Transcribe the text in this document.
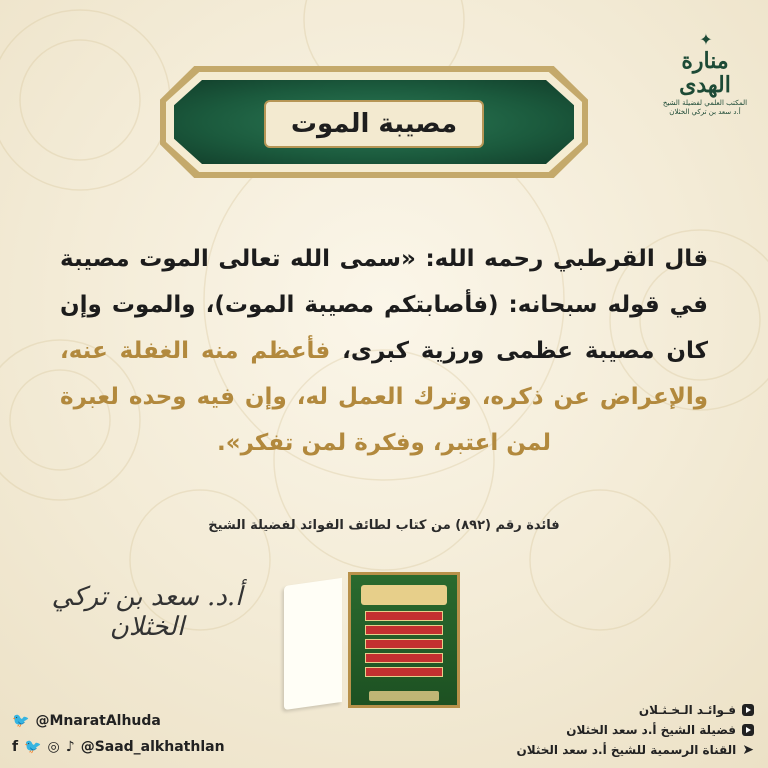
✦
منارة الهدى
المكتب العلمي لفضيلة الشيخ أ.د سعد بن تركي الخثلان
مصيبة الموت
قال القرطبي رحمه الله: «سمى الله تعالى الموت مصيبة في قوله سبحانه: (فأصابتكم مصيبة الموت)، والموت وإن كان مصيبة عظمى ورزية كبرى، فأعظم منه الغفلة عنه، والإعراض عن ذكره، وترك العمل له، وإن فيه وحده لعبرة لمن اعتبر، وفكرة لمن تفكر».
فائدة رقم (٨٩٢) من كتاب لطائف الفوائد لفضيلة الشيخ
أ.د. سعد بن تركي الخثلان
🐦 @MnaratAlhuda
f 🐦 ◎ ♪ @Saad_alkhathlan
فـوائـد الـخـثـلان
فضيلة الشيخ أ.د سعد الخثلان
➤
القناة الرسمية للشيخ أ.د سعد الخثلان
